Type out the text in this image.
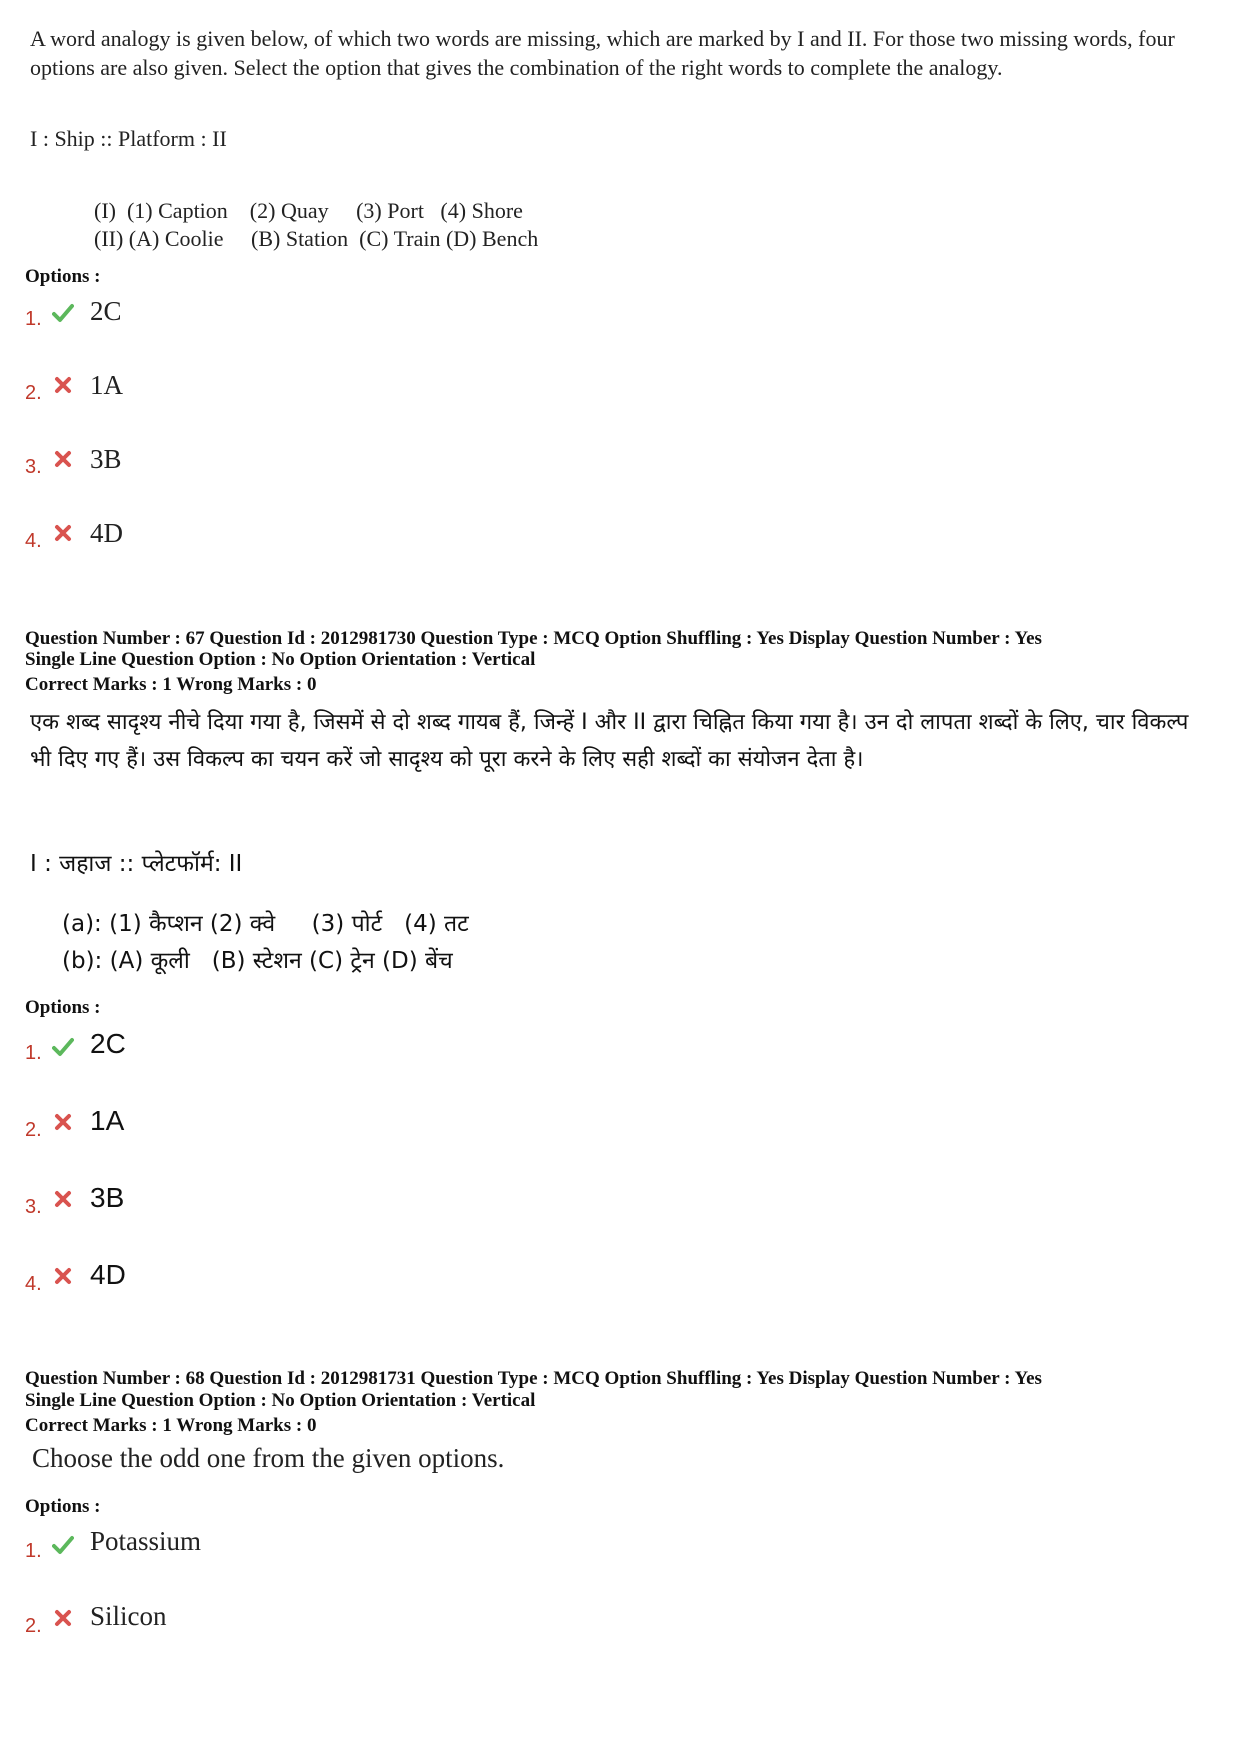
A word analogy is given below, of which two words are missing, which are marked by I and II. For those two missing words, four options are also given. Select the option that gives the combination of the right words to complete the analogy.
I : Ship :: Platform : II
(I)  (1) Caption    (2) Quay     (3) Port   (4) Shore
(II) (A) Coolie     (B) Station  (C) Train (D) Bench
Options :
1. 2C
2. 1A
3. 3B
4. 4D
Question Number : 67 Question Id : 2012981730 Question Type : MCQ Option Shuffling : Yes Display Question Number : Yes
Single Line Question Option : No Option Orientation : Vertical
Correct Marks : 1 Wrong Marks : 0
एक शब्द सादृश्य नीचे दिया गया है, जिसमें से दो शब्द गायब हैं, जिन्हें I और II द्वारा चिह्नित किया गया है। उन दो लापता शब्दों के लिए, चार विकल्प भी दिए गए हैं। उस विकल्प का चयन करें जो सादृश्य को पूरा करने के लिए सही शब्दों का संयोजन देता है।
I : जहाज :: प्लेटफॉर्म: II
(a): (1) कैप्शन (2) क्वे     (3) पोर्ट   (4) तट
(b): (A) कूली   (B) स्टेशन (C) ट्रेन (D) बेंच
Options :
1. 2C
2. 1A
3. 3B
4. 4D
Question Number : 68 Question Id : 2012981731 Question Type : MCQ Option Shuffling : Yes Display Question Number : Yes
Single Line Question Option : No Option Orientation : Vertical
Correct Marks : 1 Wrong Marks : 0
Choose the odd one from the given options.
Options :
1. Potassium
2. Silicon
